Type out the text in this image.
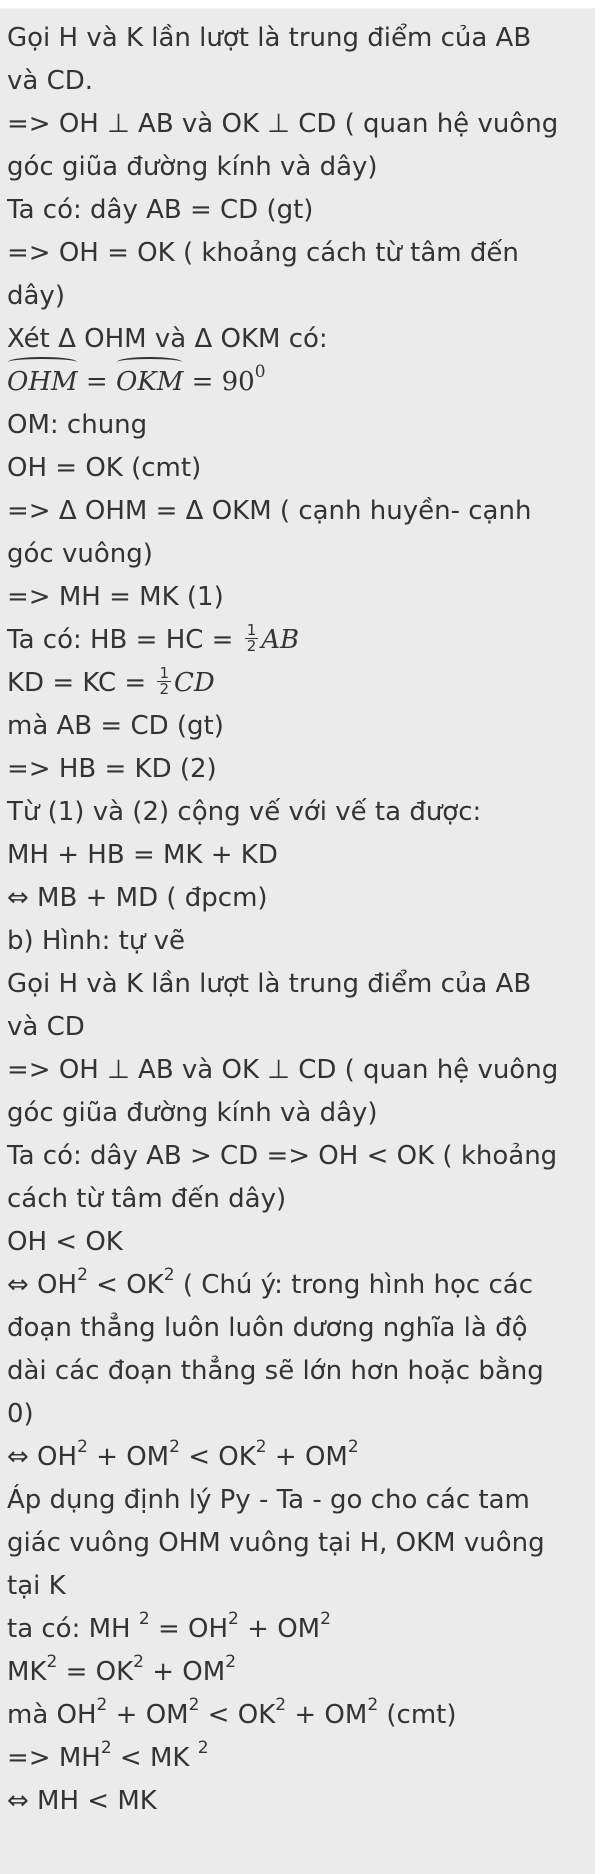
Gọi H và K lần lượt là trung điểm của AB
và CD.
=> OH ⊥ AB và OK ⊥ CD ( quan hệ vuông
góc giũa đường kính và dây)
Ta có: dây AB = CD (gt)
=> OH = OK ( khoảng cách từ tâm đến
dây)
Xét Δ OHM và Δ OKM có:
OHM = OKM = $90^0$
OM: chung
OH = OK (cmt)
=> Δ OHM = Δ OKM ( cạnh huyền- cạnh
góc vuông)
=> MH = MK (1)
Ta có: HB = HC = $\frac{1}{2}$ AB
KD = KC = $\frac{1}{2}$ CD
mà AB = CD (gt)
=> HB = KD (2)
Từ (1) và (2) cộng vế với vế ta được:
MH + HB = MK + KD
⇔ MB + MD ( đpcm)
b) Hình: tự vẽ
Gọi H và K lần lượt là trung điểm của AB
và CD
=> OH ⊥ AB và OK ⊥ CD ( quan hệ vuông
góc giũa đường kính và dây)
Ta có: dây AB > CD => OH < OK ( khoảng
cách từ tâm đến dây)
OH < OK
⇔ $OH^2 < OK^2$ ( Chú ý: trong hình học các
đoạn thẳng luôn luôn dương nghĩa là độ
dài các đoạn thẳng sẽ lớn hơn hoặc bằng
0)
⇔ $OH^2 + OM^2 < OK^2 + OM^2$
Áp dụng định lý Py - Ta - go cho các tam
giác vuông OHM vuông tại H, OKM vuông
tại K
ta có: MH $^2 = OH^2 + OM^2$
$MK^2 = OK^2 + OM^2$
mà $OH^2 + OM^2 < OK^2 + OM^2$ (cmt)
=> $MH^2$ < MK $^2$
⇔ MH < MK
